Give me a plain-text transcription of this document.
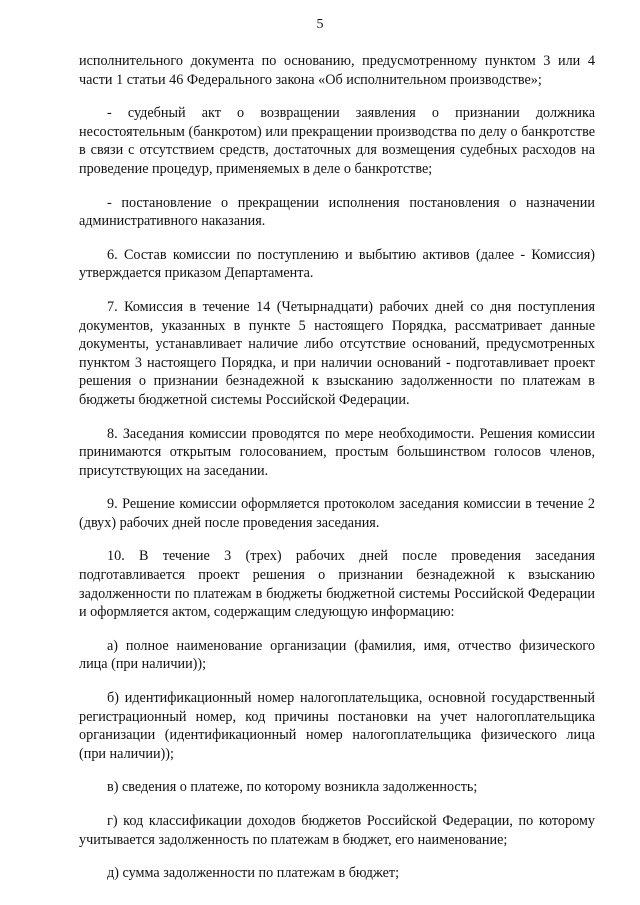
5

исполнительного документа по основанию, предусмотренному пунктом 3 или 4 части 1 статьи 46 Федерального закона «Об исполнительном производстве»;

- судебный акт о возвращении заявления о признании должника несостоятельным (банкротом) или прекращении производства по делу о банкротстве в связи с отсутствием средств, достаточных для возмещения судебных расходов на проведение процедур, применяемых в деле о банкротстве;

- постановление о прекращении исполнения постановления о назначении административного наказания.

6. Состав комиссии по поступлению и выбытию активов (далее - Комиссия) утверждается приказом Департамента.

7. Комиссия в течение 14 (Четырнадцати) рабочих дней со дня поступления документов, указанных в пункте 5 настоящего Порядка, рассматривает данные документы, устанавливает наличие либо отсутствие оснований, предусмотренных пунктом 3 настоящего Порядка, и при наличии оснований - подготавливает проект решения о признании безнадежной к взысканию задолженности по платежам в бюджеты бюджетной системы Российской Федерации.

8. Заседания комиссии проводятся по мере необходимости. Решения комиссии принимаются открытым голосованием, простым большинством голосов членов, присутствующих на заседании.

9. Решение комиссии оформляется протоколом заседания комиссии в течение 2 (двух) рабочих дней после проведения заседания.

10. В течение 3 (трех) рабочих дней после проведения заседания подготавливается проект решения о признании безнадежной к взысканию задолженности по платежам в бюджеты бюджетной системы Российской Федерации и оформляется актом, содержащим следующую информацию:

а) полное наименование организации (фамилия, имя, отчество физического лица (при наличии));

б) идентификационный номер налогоплательщика, основной государственный регистрационный номер, код причины постановки на учет налогоплательщика организации (идентификационный номер налогоплательщика физического лица (при наличии));

в) сведения о платеже, по которому возникла задолженность;

г) код классификации доходов бюджетов Российской Федерации, по которому учитывается задолженность по платежам в бюджет, его наименование;

д) сумма задолженности по платежам в бюджет;
